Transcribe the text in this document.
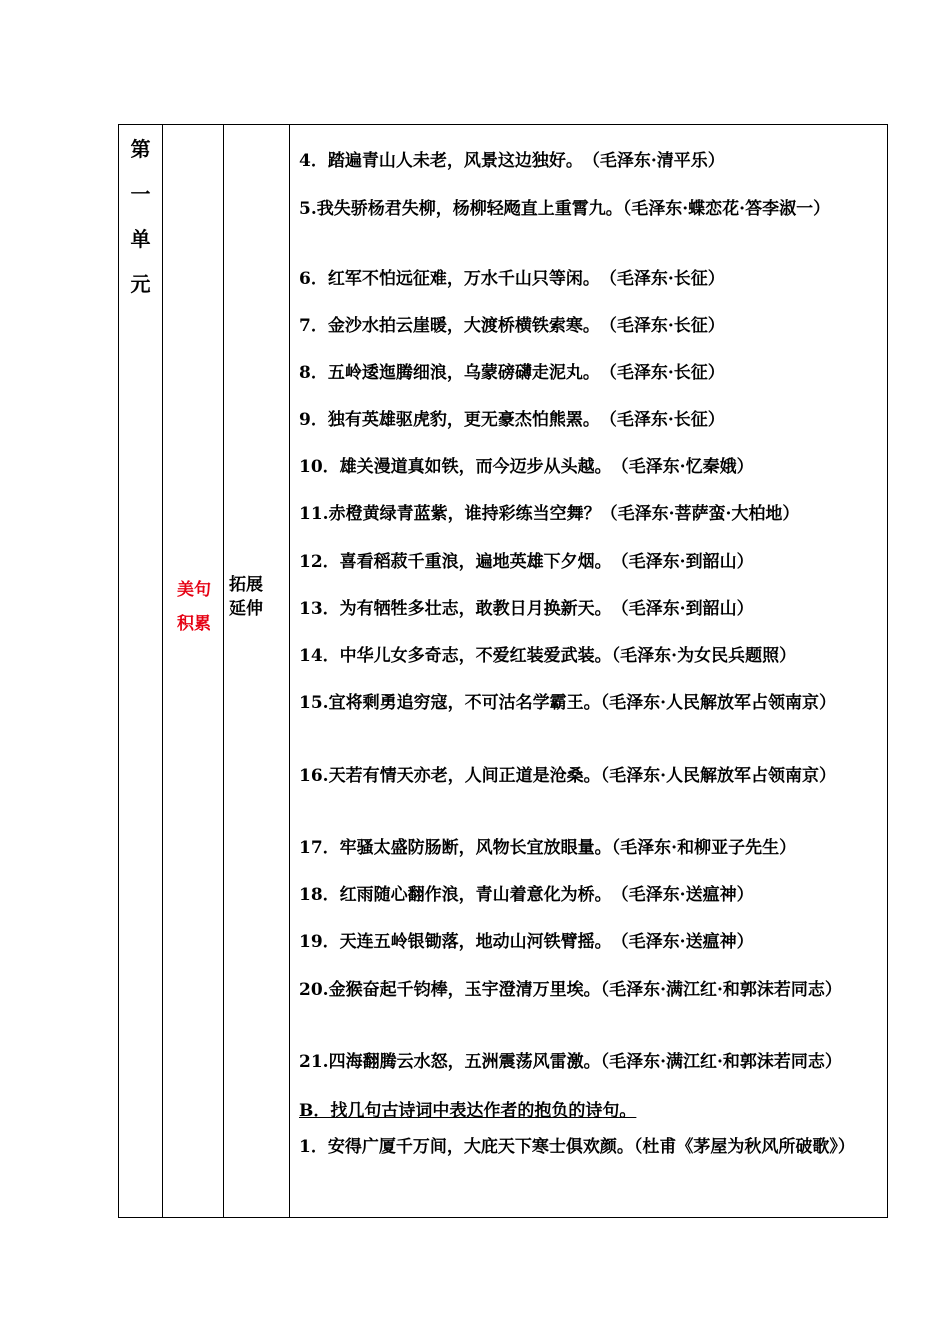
第
一
单
元
美句
积累
拓展
延伸
4．踏遍青山人未老，风景这边独好。　（毛泽东·清平乐）
5.我失骄杨君失柳，杨柳轻飏直上重霄九。（毛泽东·蝶恋花·答李淑一）
6．红军不怕远征难，万水千山只等闲。　（毛泽东·长征）
7．金沙水拍云崖暖，大渡桥横铁索寒。　（毛泽东·长征）
8．五岭逶迤腾细浪，乌蒙磅礴走泥丸。　（毛泽东·长征）
9．独有英雄驱虎豹，更无豪杰怕熊罴。　（毛泽东·长征）
10．雄关漫道真如铁，而今迈步从头越。　（毛泽东·忆秦娥）
11.赤橙黄绿青蓝紫，谁持彩练当空舞？（毛泽东·菩萨蛮·大柏地）
12．喜看稻菽千重浪，遍地英雄下夕烟。　（毛泽东·到韶山）
13．为有牺牲多壮志，敢教日月换新天。　（毛泽东·到韶山）
14．中华儿女多奇志，不爱红装爱武装。（毛泽东·为女民兵题照）
15.宜将剩勇追穷寇，不可沽名学霸王。（毛泽东·人民解放军占领南京）
16.天若有情天亦老，人间正道是沧桑。（毛泽东·人民解放军占领南京）
17．牢骚太盛防肠断，风物长宜放眼量。（毛泽东·和柳亚子先生）
18．红雨随心翻作浪，青山着意化为桥。　（毛泽东·送瘟神）
19．天连五岭银锄落，地动山河铁臂摇。　（毛泽东·送瘟神）
20.金猴奋起千钧棒，玉宇澄清万里埃。（毛泽东·满江红·和郭沫若同志）
21.四海翻腾云水怒，五洲震荡风雷激。（毛泽东·满江红·和郭沫若同志）
B．找几句古诗词中表达作者的抱负的诗句。
1．安得广厦千万间，大庇天下寒士俱欢颜。（杜甫《茅屋为秋风所破歌》）
